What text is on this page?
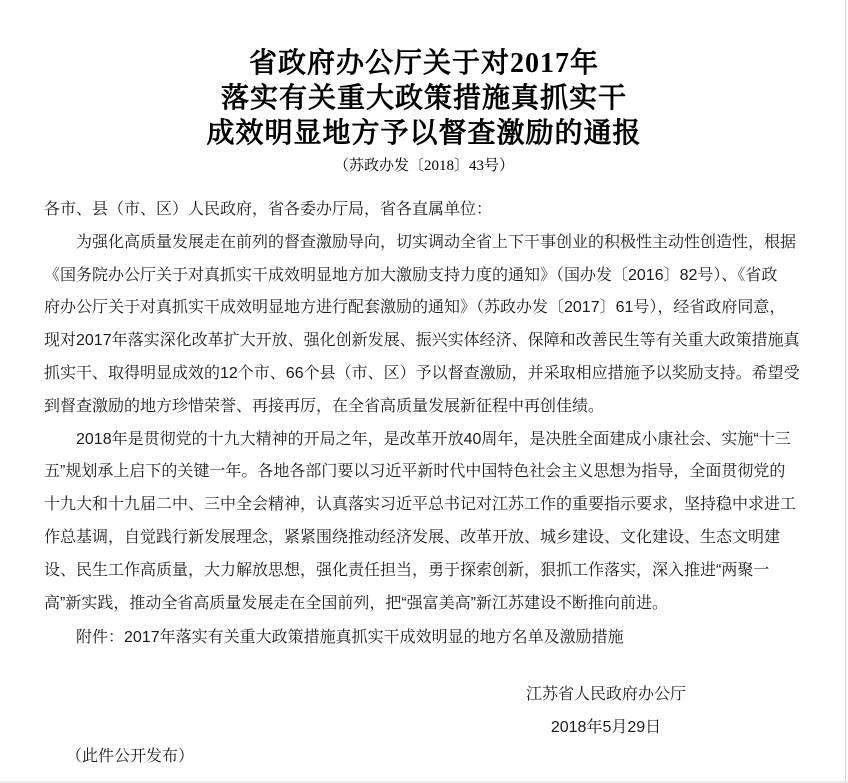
省政府办公厅关于对2017年
落实有关重大政策措施真抓实干
成效明显地方予以督查激励的通报
（苏政办发〔2018〕43号）
各市、县（市、区）人民政府，省各委办厅局，省各直属单位：
为强化高质量发展走在前列的督查激励导向，切实调动全省上下干事创业的积极性主动性创造性，根据
《国务院办公厅关于对真抓实干成效明显地方加大激励支持力度的通知》（国办发〔2016〕82号）、《省政
府办公厅关于对真抓实干成效明显地方进行配套激励的通知》（苏政办发〔2017〕61号），经省政府同意，
现对2017年落实深化改革扩大开放、强化创新发展、振兴实体经济、保障和改善民生等有关重大政策措施真
抓实干、取得明显成效的12个市、66个县（市、区）予以督查激励，并采取相应措施予以奖励支持。希望受
到督查激励的地方珍惜荣誉、再接再厉，在全省高质量发展新征程中再创佳绩。
2018年是贯彻党的十九大精神的开局之年，是改革开放40周年，是决胜全面建成小康社会、实施“十三
五”规划承上启下的关键一年。各地各部门要以习近平新时代中国特色社会主义思想为指导，全面贯彻党的
十九大和十九届二中、三中全会精神，认真落实习近平总书记对江苏工作的重要指示要求，坚持稳中求进工
作总基调，自觉践行新发展理念，紧紧围绕推动经济发展、改革开放、城乡建设、文化建设、生态文明建
设、民生工作高质量，大力解放思想，强化责任担当，勇于探索创新，狠抓工作落实，深入推进“两聚一
高”新实践，推动全省高质量发展走在全国前列，把“强富美高”新江苏建设不断推向前进。
附件：2017年落实有关重大政策措施真抓实干成效明显的地方名单及激励措施
江苏省人民政府办公厅
2018年5月29日
（此件公开发布）
